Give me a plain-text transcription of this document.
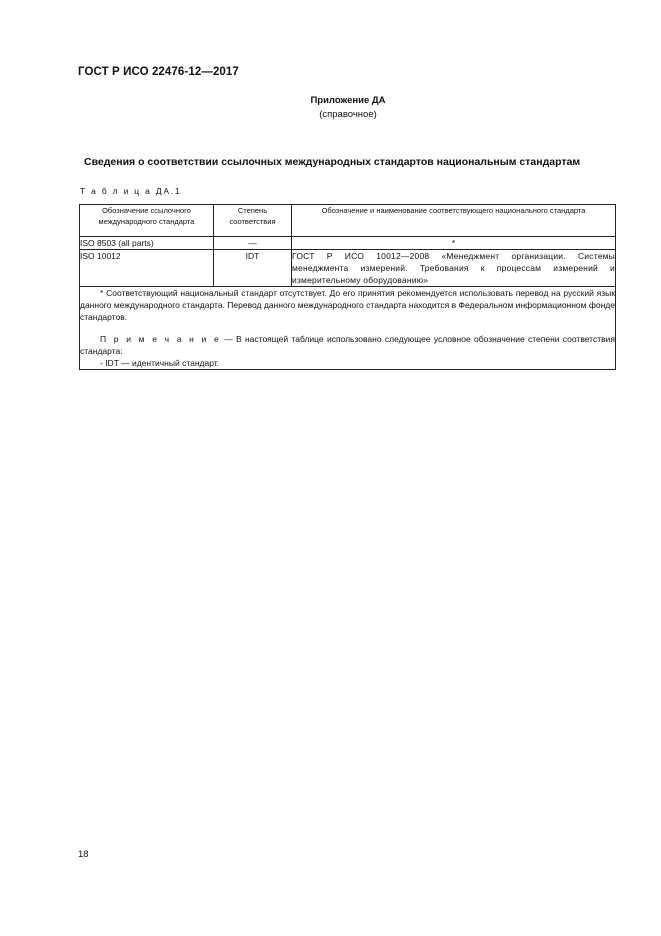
ГОСТ Р ИСО 22476-12—2017
Приложение ДА
(справочное)
Сведения о соответствии ссылочных международных стандартов национальным стандартам
Т а б л и ц а ДА.1
Обозначение ссылочного международного стандарта	Степень соответствия	Обозначение и наименование соответствующего национального стандарта
ISO 8503 (all parts)	—	*
ISO 10012	IDT	ГОСТ Р ИСО 10012—2008 «Менеджмент организации. Системы менеджмента измерений. Требования к процессам измерений и измерительному оборудованию»

* Соответствующий национальный стандарт отсутствует. До его принятия рекомендуется использовать перевод на русский язык данного международного стандарта. Перевод данного международного стандарта находится в Федеральном информационном фонде стандартов.

П р и м е ч а н и е — В настоящей таблице использовано следующее условное обозначение степени соответствия стандарта:

- IDT — идентичный стандарт.		

18
